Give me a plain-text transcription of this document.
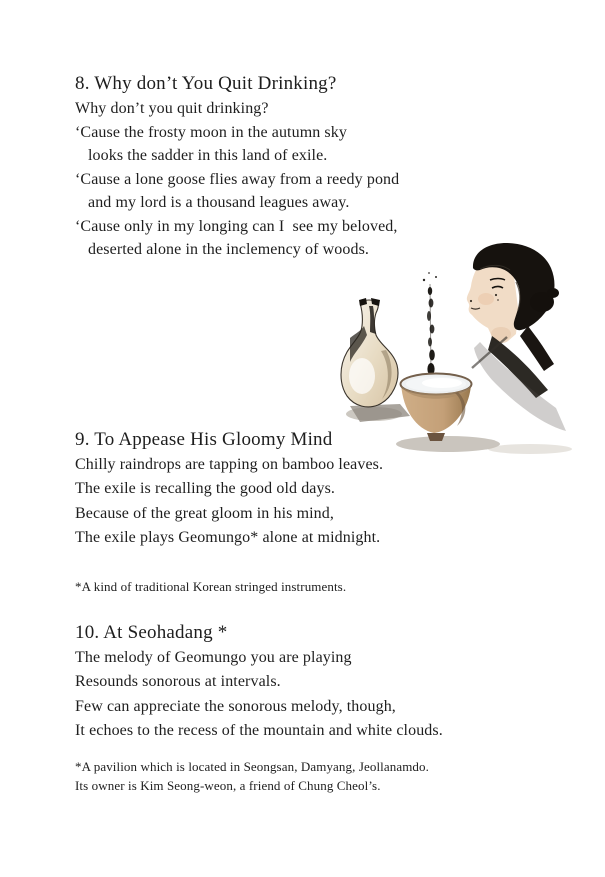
8. Why don’t You Quit Drinking?

Why don’t you quit drinking?

‘Cause the frosty moon in the autumn sky

looks the sadder in this land of exile.

‘Cause a lone goose flies away from a reedy pond

and my lord is a thousand leagues away.

‘Cause only in my longing can I  see my beloved,

deserted alone in the inclemency of woods.

9. To Appease His Gloomy Mind

Chilly raindrops are tapping on bamboo leaves.

The exile is recalling the good old days.

Because of the great gloom in his mind,

The exile plays Geomungo* alone at midnight.

*A kind of traditional Korean stringed instruments.

10. At Seohadang *

The melody of Geomungo you are playing

Resounds sonorous at intervals.

Few can appreciate the sonorous melody, though,

It echoes to the recess of the mountain and white clouds.

*A pavilion which is located in Seongsan, Damyang, Jeollanamdo.

Its owner is Kim Seong-weon, a friend of Chung Cheol’s.
